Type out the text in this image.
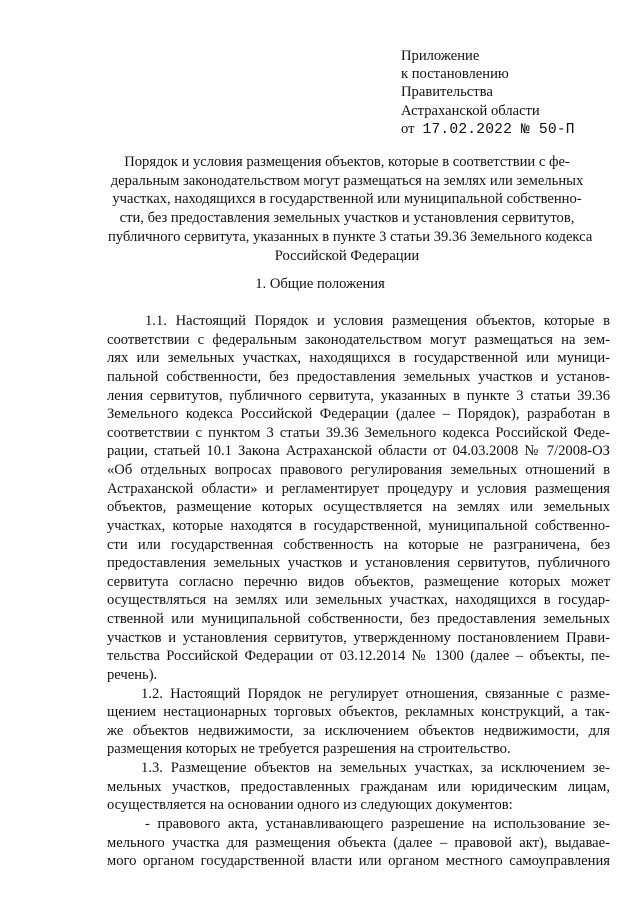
Приложение
к постановлению
Правительства
Астраханской области
от 17.02.2022 № 50-П
Порядок и условия размещения объектов, которые в соответствии с фе-
деральным законодательством могут размещаться на землях или земельных
участках, находящихся в государственной или муниципальной собственно-
сти, без предоставления земельных участков и установления сервитутов,
публичного сервитута, указанных в пункте 3 статьи 39.36 Земельного кодекса
Российской Федерации
1. Общие положения
1.1. Настоящий Порядок и условия размещения объектов, которые в
соответствии с федеральным законодательством могут размещаться на зем-
лях или земельных участках, находящихся в государственной или муници-
пальной собственности, без предоставления земельных участков и установ-
ления сервитутов, публичного сервитута, указанных в пункте 3 статьи 39.36
Земельного кодекса Российской Федерации (далее – Порядок), разработан в
соответствии с пунктом 3 статьи 39.36 Земельного кодекса Российской Феде-
рации, статьей 10.1 Закона Астраханской области от 04.03.2008 № 7/2008-ОЗ
«Об отдельных вопросах правового регулирования земельных отношений в
Астраханской области» и регламентирует процедуру и условия размещения
объектов, размещение которых осуществляется на землях или земельных
участках, которые находятся в государственной, муниципальной собственно-
сти или государственная собственность на которые не разграничена, без
предоставления земельных участков и установления сервитутов, публичного
сервитута согласно перечню видов объектов, размещение которых может
осуществляться на землях или земельных участках, находящихся в государ-
ственной или муниципальной собственности, без предоставления земельных
участков и установления сервитутов, утвержденному постановлением Прави-
тельства Российской Федерации от 03.12.2014 № 1300 (далее – объекты, пе-
речень).
1.2. Настоящий Порядок не регулирует отношения, связанные с разме-
щением нестационарных торговых объектов, рекламных конструкций, а так-
же объектов недвижимости, за исключением объектов недвижимости, для
размещения которых не требуется разрешения на строительство.
1.3. Размещение объектов на земельных участках, за исключением зе-
мельных участков, предоставленных гражданам или юридическим лицам,
осуществляется на основании одного из следующих документов:
- правового акта, устанавливающего разрешение на использование зе-
мельного участка для размещения объекта (далее – правовой акт), выдавае-
мого органом государственной власти или органом местного самоуправления
